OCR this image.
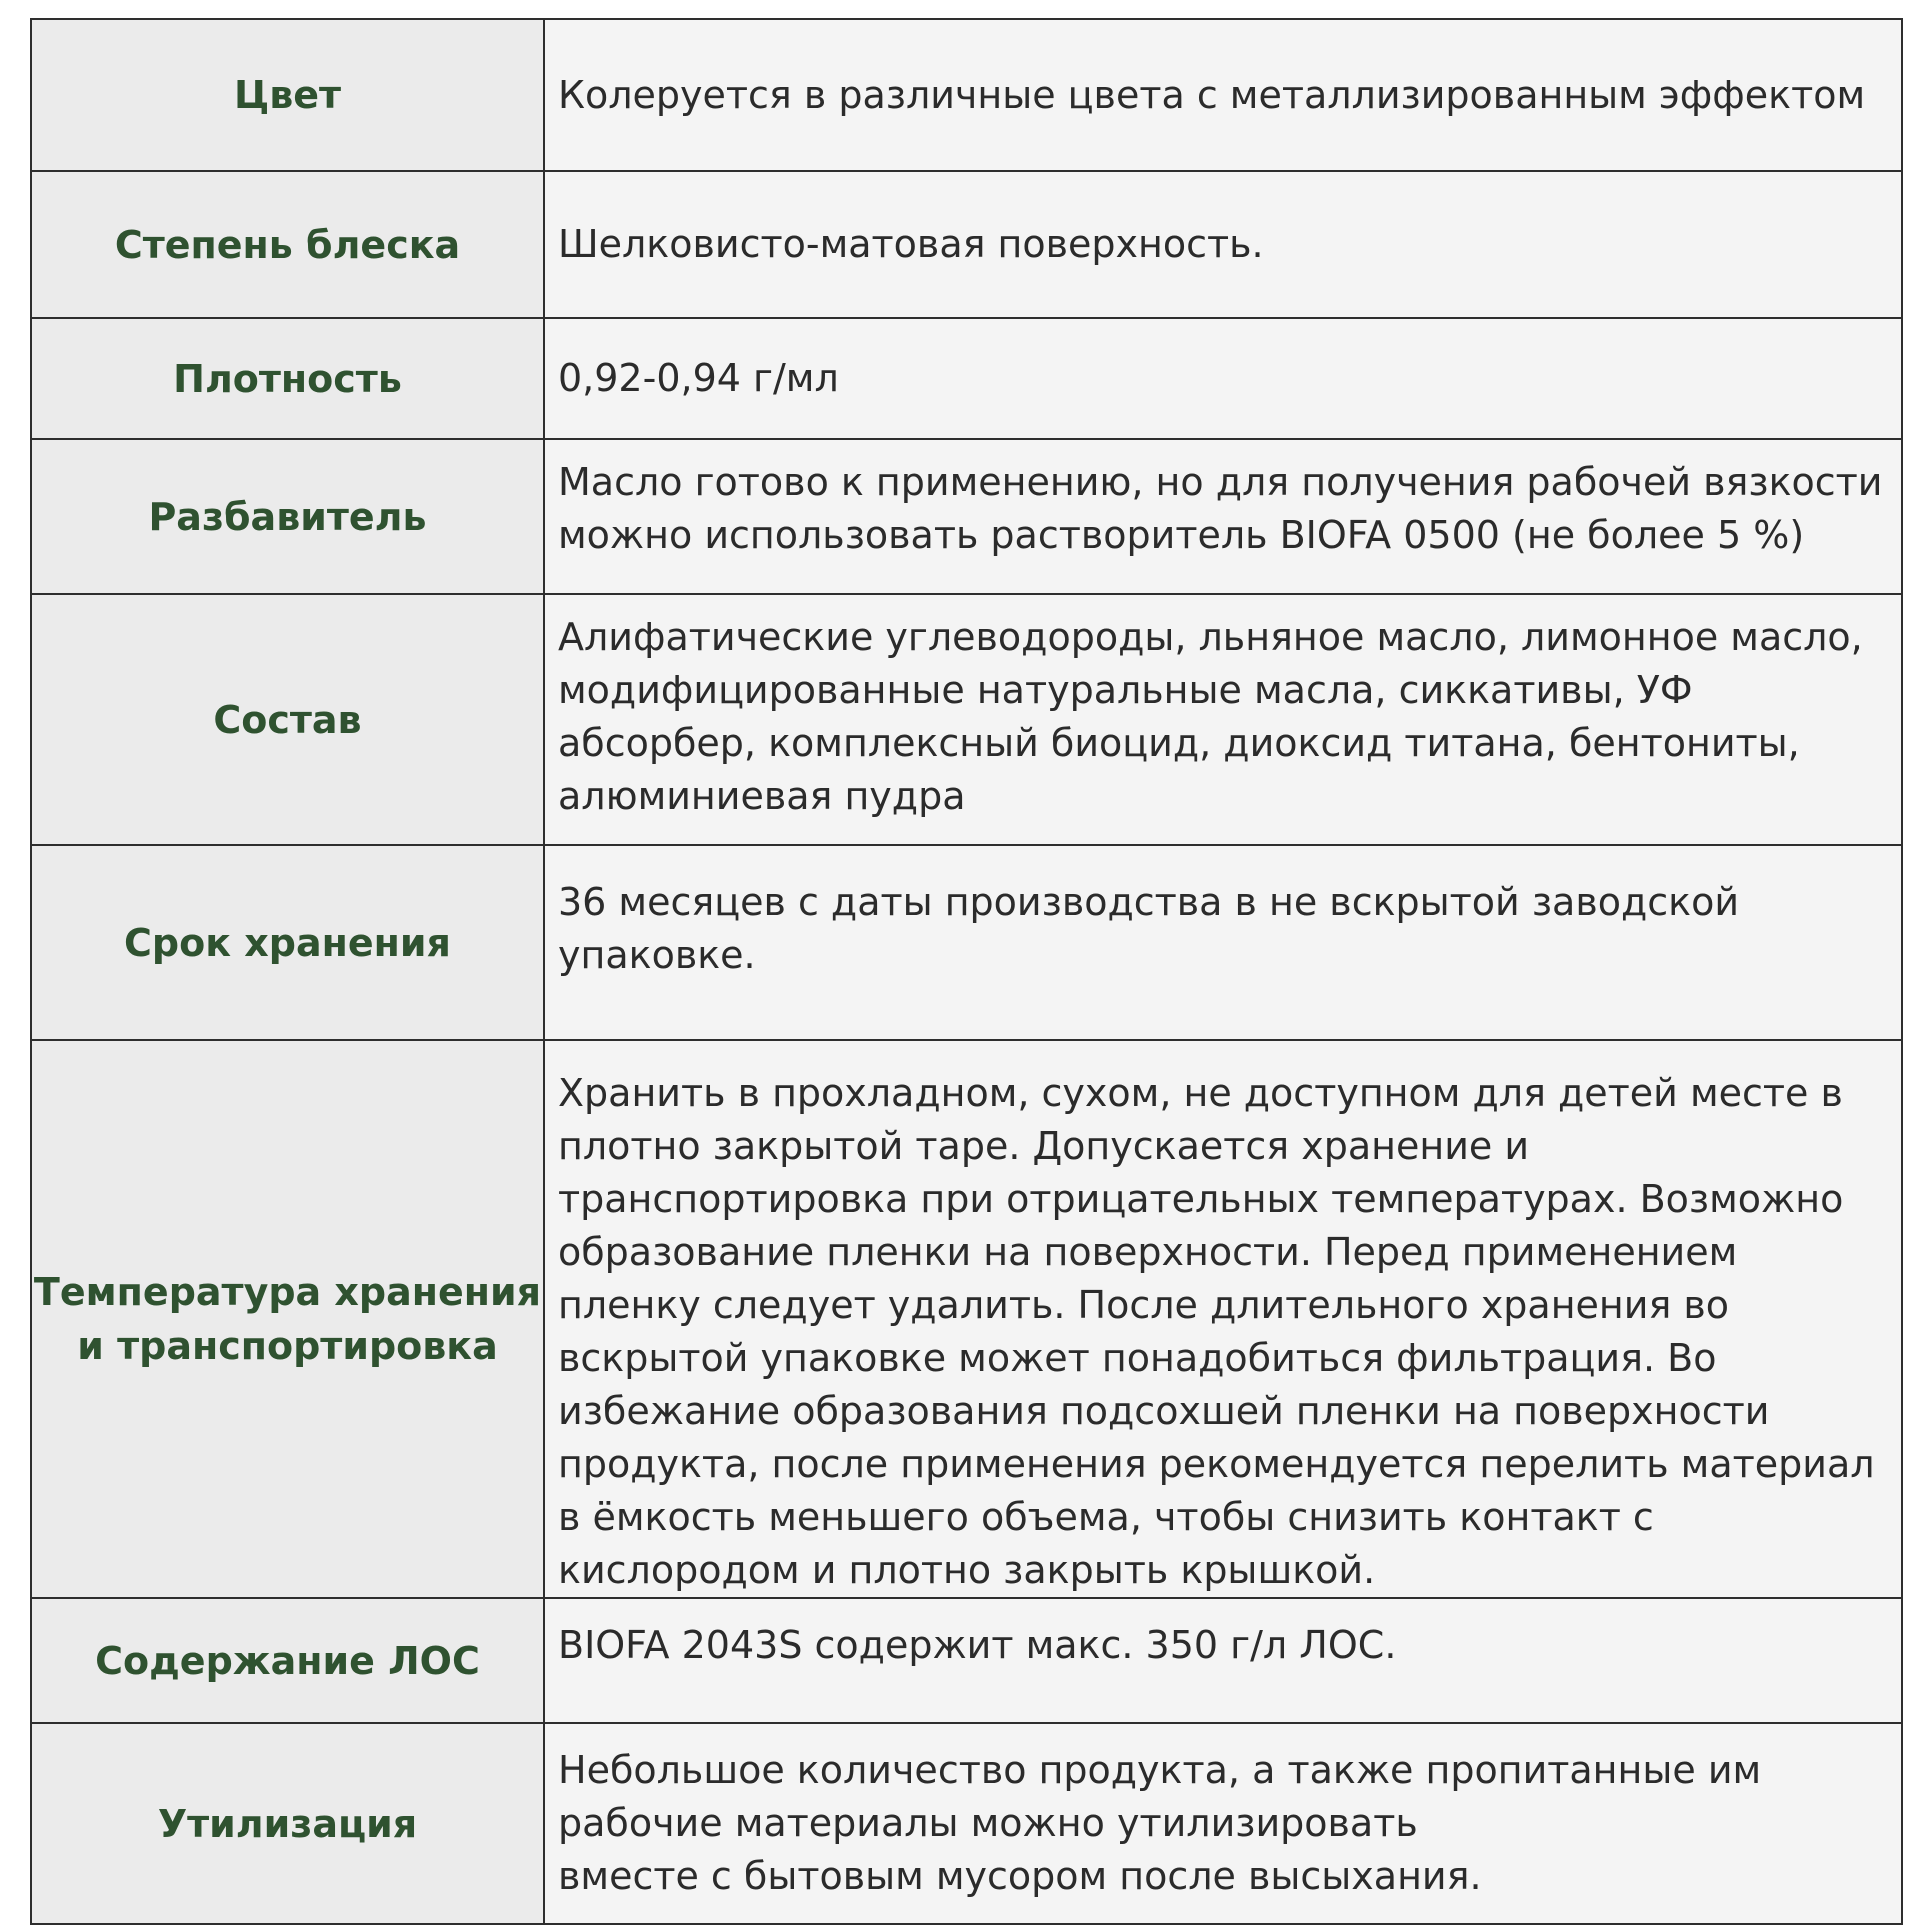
Цвет	Колеруется в различные цвета с металлизированным эффектом
Степень блеска	Шелковисто-матовая поверхность.
Плотность	0,92-0,94 г/мл
Разбавитель	Масло готово к применению, но для получения рабочей вязкости можно использовать растворитель BIOFA 0500 (не более 5 %)
Состав	Алифатические углеводороды, льняное масло, лимонное масло, модифицированные натуральные масла, сиккативы, УФ абсорбер, комплексный биоцид, диоксид титана, бентониты, алюминиевая пудра
Срок хранения	36 месяцев с даты производства в не вскрытой заводской упаковке.
Температура хранения и транспортировка	Хранить в прохладном, сухом, не доступном для детей месте в плотно закрытой таре. Допускается хранение и транспортировка при отрицательных температурах. Возможно образование пленки на поверхности. Перед применением пленку следует удалить. После длительного хранения во вскрытой упаковке может понадобиться фильтрация. Во избежание образования подсохшей пленки на поверхности продукта, после применения рекомендуется перелить материал в ёмкость меньшего объема, чтобы снизить контакт с кислородом и плотно закрыть крышкой.
Содержание ЛОС	BIOFA 2043S содержит макс. 350 г/л ЛОС.
Утилизация	Небольшое количество продукта, а также пропитанные им рабочие материалы можно утилизировать
вместе с бытовым мусором после высыхания.
